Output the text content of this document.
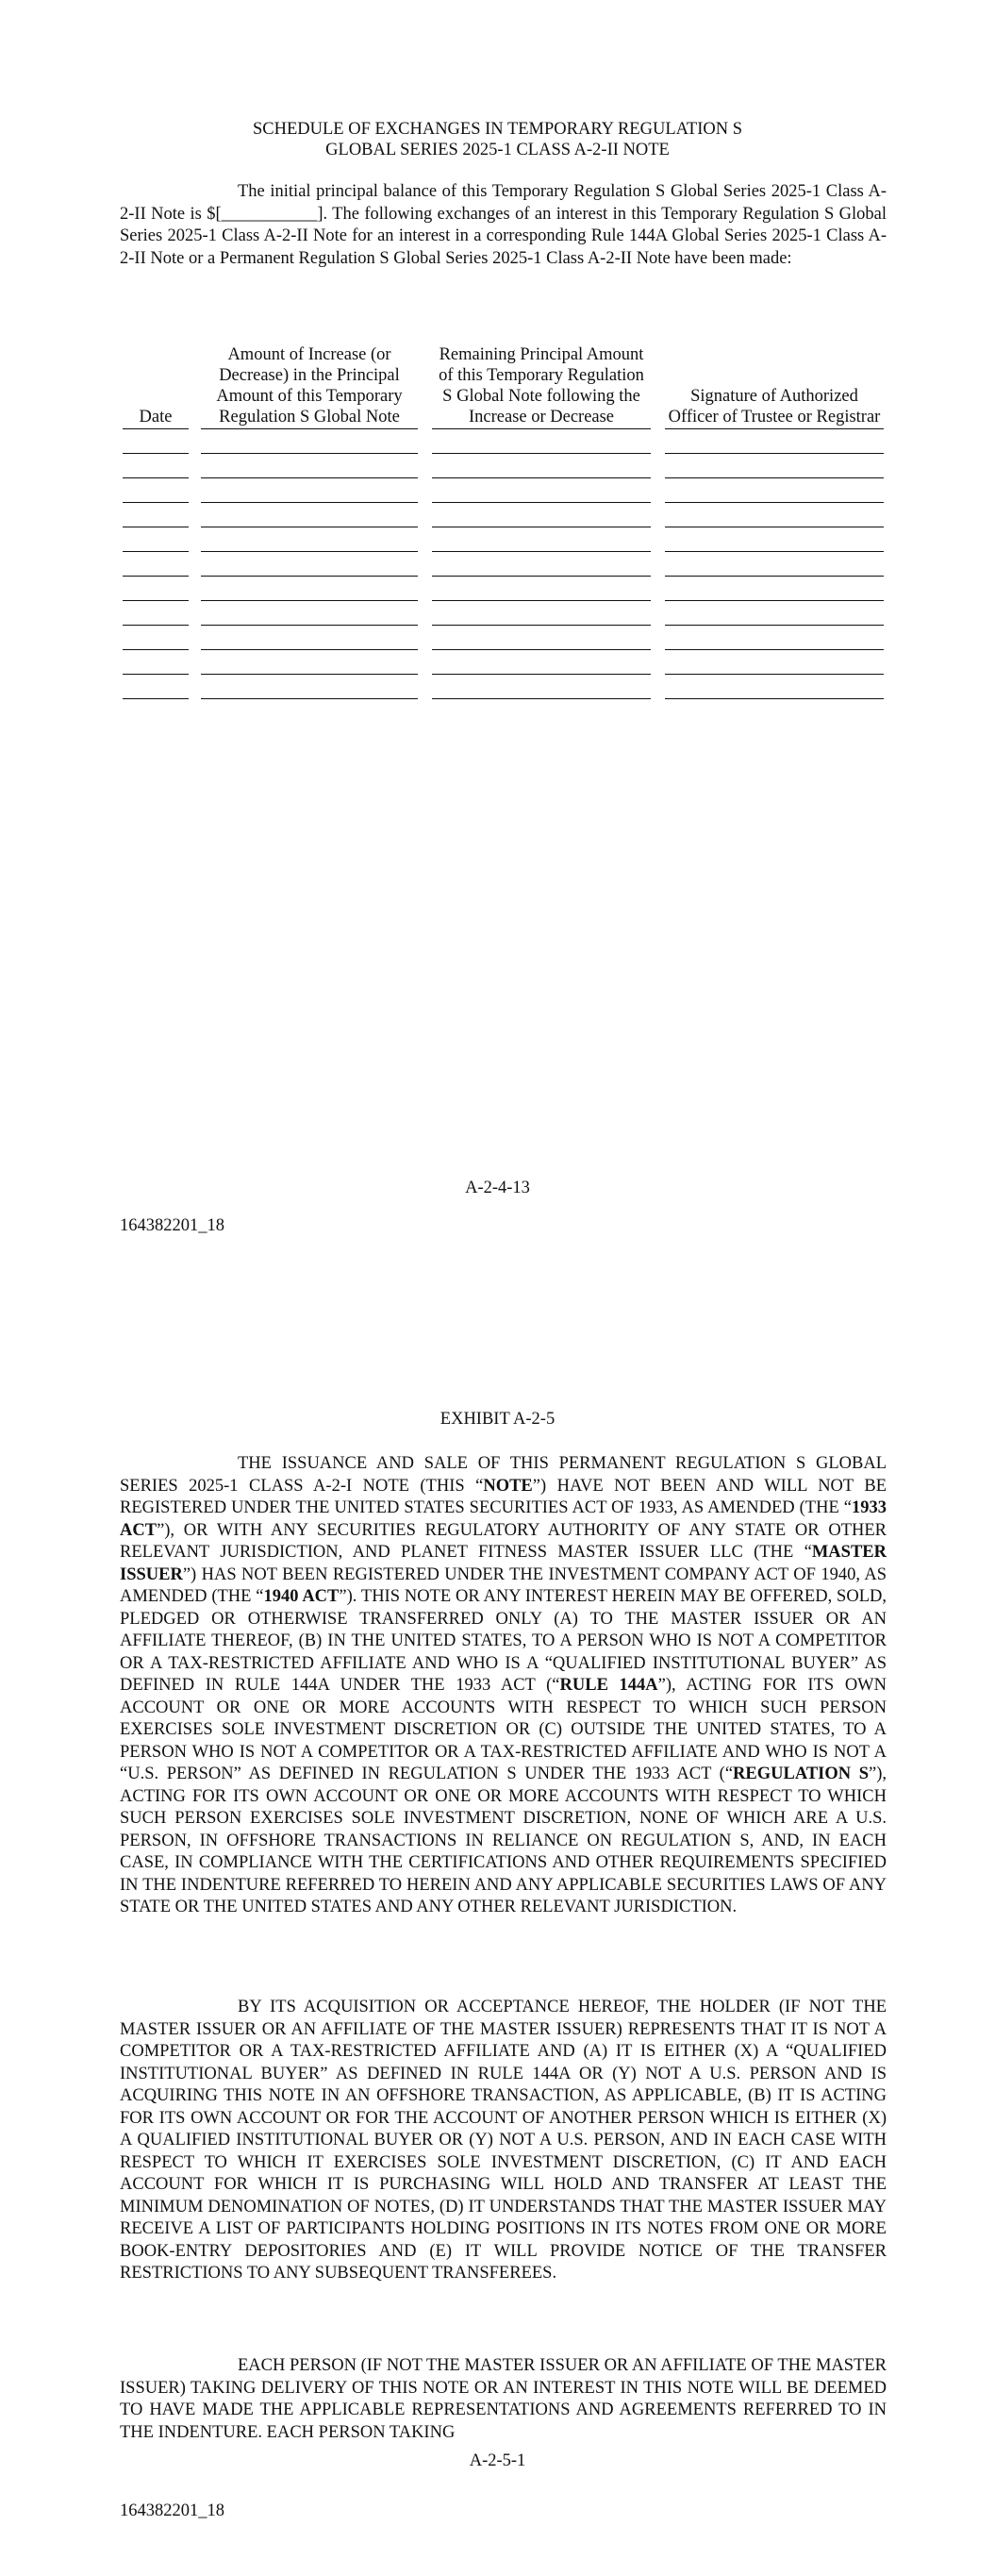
SCHEDULE OF EXCHANGES IN TEMPORARY REGULATION S
GLOBAL SERIES 2025-1 CLASS A-2-II NOTE

The initial principal balance of this Temporary Regulation S Global Series 2025-1 Class A-2-II Note is $[___________]. The following exchanges of an interest in this Temporary Regulation S Global Series 2025-1 Class A-2-II Note for an interest in a corresponding Rule 144A Global Series 2025-1 Class A-2-II Note or a Permanent Regulation S Global Series 2025-1 Class A-2-II Note have been made:

Date
Amount of Increase (or Decrease) in the Principal Amount of this Temporary Regulation S Global Note
Remaining Principal Amount of this Temporary Regulation S Global Note following the Increase or Decrease
Signature of Authorized Officer of Trustee or Registrar
A-2-4-13
164382201_18
EXHIBIT A-2-5

THE ISSUANCE AND SALE OF THIS PERMANENT REGULATION S GLOBAL SERIES 2025-1 CLASS A-2-I NOTE (THIS “NOTE”) HAVE NOT BEEN AND WILL NOT BE REGISTERED UNDER THE UNITED STATES SECURITIES ACT OF 1933, AS AMENDED (THE “1933 ACT”), OR WITH ANY SECURITIES REGULATORY AUTHORITY OF ANY STATE OR OTHER RELEVANT JURISDICTION, AND PLANET FITNESS MASTER ISSUER LLC (THE “MASTER ISSUER”) HAS NOT BEEN REGISTERED UNDER THE INVESTMENT COMPANY ACT OF 1940, AS AMENDED (THE “1940 ACT”). THIS NOTE OR ANY INTEREST HEREIN MAY BE OFFERED, SOLD, PLEDGED OR OTHERWISE TRANSFERRED ONLY (A) TO THE MASTER ISSUER OR AN AFFILIATE THEREOF, (B) IN THE UNITED STATES, TO A PERSON WHO IS NOT A COMPETITOR OR A TAX-RESTRICTED AFFILIATE AND WHO IS A “QUALIFIED INSTITUTIONAL BUYER” AS DEFINED IN RULE 144A UNDER THE 1933 ACT (“RULE 144A”), ACTING FOR ITS OWN ACCOUNT OR ONE OR MORE ACCOUNTS WITH RESPECT TO WHICH SUCH PERSON EXERCISES SOLE INVESTMENT DISCRETION OR (C) OUTSIDE THE UNITED STATES, TO A PERSON WHO IS NOT A COMPETITOR OR A TAX-RESTRICTED AFFILIATE AND WHO IS NOT A “U.S. PERSON” AS DEFINED IN REGULATION S UNDER THE 1933 ACT (“REGULATION S”), ACTING FOR ITS OWN ACCOUNT OR ONE OR MORE ACCOUNTS WITH RESPECT TO WHICH SUCH PERSON EXERCISES SOLE INVESTMENT DISCRETION, NONE OF WHICH ARE A U.S. PERSON, IN OFFSHORE TRANSACTIONS IN RELIANCE ON REGULATION S, AND, IN EACH CASE, IN COMPLIANCE WITH THE CERTIFICATIONS AND OTHER REQUIREMENTS SPECIFIED IN THE INDENTURE REFERRED TO HEREIN AND ANY APPLICABLE SECURITIES LAWS OF ANY STATE OR THE UNITED STATES AND ANY OTHER RELEVANT JURISDICTION.

BY ITS ACQUISITION OR ACCEPTANCE HEREOF, THE HOLDER (IF NOT THE MASTER ISSUER OR AN AFFILIATE OF THE MASTER ISSUER) REPRESENTS THAT IT IS NOT A COMPETITOR OR A TAX-RESTRICTED AFFILIATE AND (A) IT IS EITHER (X) A “QUALIFIED INSTITUTIONAL BUYER” AS DEFINED IN RULE 144A OR (Y) NOT A U.S. PERSON AND IS ACQUIRING THIS NOTE IN AN OFFSHORE TRANSACTION, AS APPLICABLE, (B) IT IS ACTING FOR ITS OWN ACCOUNT OR FOR THE ACCOUNT OF ANOTHER PERSON WHICH IS EITHER (X) A QUALIFIED INSTITUTIONAL BUYER OR (Y) NOT A U.S. PERSON, AND IN EACH CASE WITH RESPECT TO WHICH IT EXERCISES SOLE INVESTMENT DISCRETION, (C) IT AND EACH ACCOUNT FOR WHICH IT IS PURCHASING WILL HOLD AND TRANSFER AT LEAST THE MINIMUM DENOMINATION OF NOTES, (D) IT UNDERSTANDS THAT THE MASTER ISSUER MAY RECEIVE A LIST OF PARTICIPANTS HOLDING POSITIONS IN ITS NOTES FROM ONE OR MORE BOOK-ENTRY DEPOSITORIES AND (E) IT WILL PROVIDE NOTICE OF THE TRANSFER RESTRICTIONS TO ANY SUBSEQUENT TRANSFEREES.

EACH PERSON (IF NOT THE MASTER ISSUER OR AN AFFILIATE OF THE MASTER ISSUER) TAKING DELIVERY OF THIS NOTE OR AN INTEREST IN THIS NOTE WILL BE DEEMED TO HAVE MADE THE APPLICABLE REPRESENTATIONS AND AGREEMENTS REFERRED TO IN THE INDENTURE. EACH PERSON TAKING

A-2-5-1
164382201_18
